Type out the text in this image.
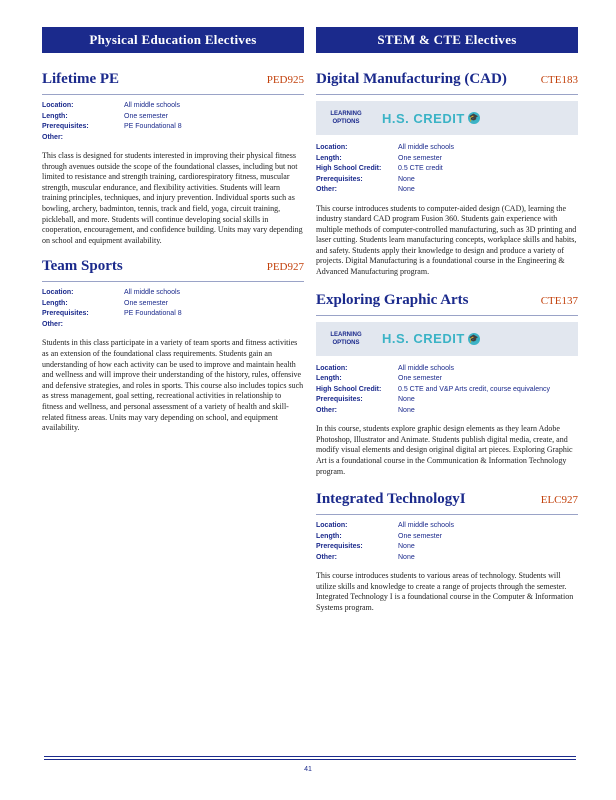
Physical Education Electives
Lifetime PE	PED925
Location:	All middle schools
Length:	One semester
Prerequisites:	PE Foundational 8
Other:
This class is designed for students interested in improving their physical fitness through avenues outside the scope of the foundational classes, including but not limited to resistance and strength training, cardiorespiratory fitness, muscular strength, muscular endurance, and flexibility activities. Students will learn training principles, techniques, and injury prevention. Individual sports such as bowling, archery, badminton, tennis, track and field, yoga, circuit training, pickleball, and more. Students will continue developing social skills in cooperation, encouragement, and confidence building. Units may vary depending on school and equipment availability.
Team Sports	PED927
Location:	All middle schools
Length:	One semester
Prerequisites:	PE Foundational 8
Other:
Students in this class participate in a variety of team sports and fitness activities as an extension of the foundational class requirements. Students gain an understanding of how each activity can be used to improve and maintain health and wellness and will improve their understanding of the history, rules, offensive and defensive strategies, and roles in sports. This course also includes topics such as stress management, goal setting, recreational activities in relationship to fitness and wellness, and personal assessment of a variety of health and skill-related fitness areas. Units may vary depending on school, and equipment availability.
STEM & CTE Electives
Digital Manufacturing (CAD)	CTE183
LEARNING OPTIONS	H.S. CREDIT 🎓
Location:	All middle schools
Length:	One semester
High School Credit:	0.5 CTE credit
Prerequisites:	None
Other:	None
This course introduces students to computer-aided design (CAD), learning the industry standard CAD program Fusion 360. Students gain experience with multiple methods of computer-controlled manufacturing, such as 3D printing and laser cutting. Students learn manufacturing concepts, workplace skills and habits, and safety. Students apply their knowledge to design and produce a variety of projects. Digital Manufacturing is a foundational course in the Engineering & Advanced Manufacturing program.
Exploring Graphic Arts	CTE137
LEARNING OPTIONS	H.S. CREDIT 🎓
Location:	All middle schools
Length:	One semester
High School Credit:	0.5 CTE and V&P Arts credit, course equivalency
Prerequisites:	None
Other:	None
In this course, students explore graphic design elements as they learn Adobe Photoshop, Illustrator and Animate. Students publish digital media, create, and modify visual elements and design original digital art pieces. Exploring Graphic Art is a foundational course in the Communication & Information Technology program.
Integrated TechnologyI	ELC927
Location:	All middle schools
Length:	One semester
Prerequisites:	None
Other:	None
This course introduces students to various areas of technology. Students will utilize skills and knowledge to create a range of projects through the semester. Integrated Technology I is a foundational course in the Computer & Information Systems program.
41
